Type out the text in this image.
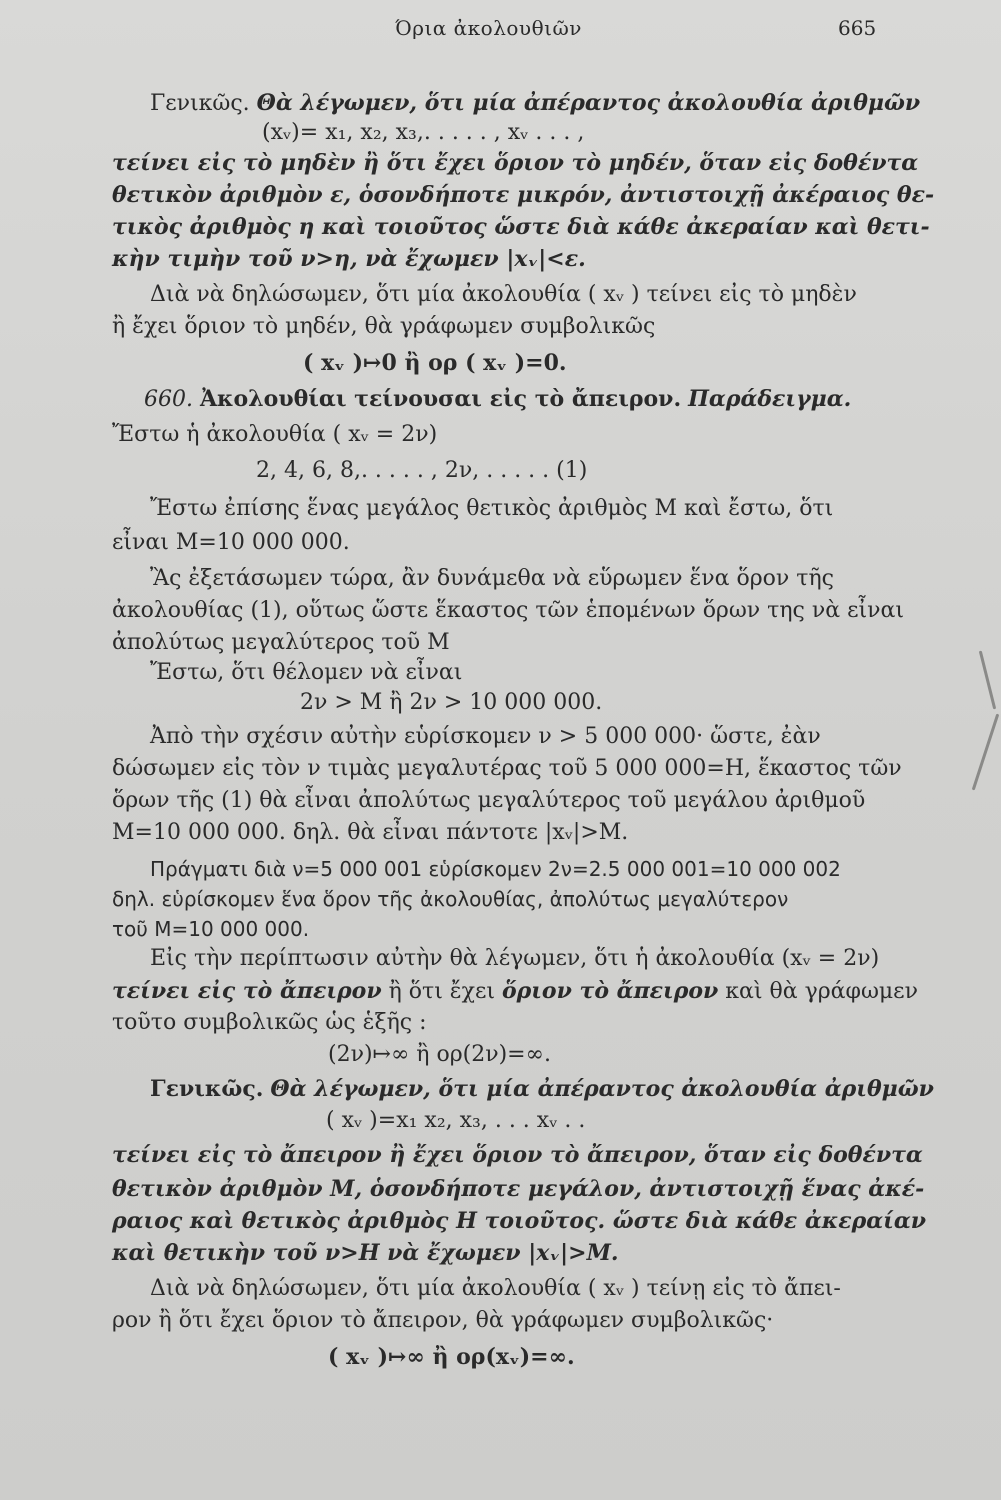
Όρια ἀκολουθιῶν	665
Γενικῶς. Θὰ λέγωμεν, ὅτι μία ἀπέραντος ἀκολουθία ἀριθμῶν
(xᵥ)= x₁, x₂, x₃,. . . . . , xᵥ . . . ,
τείνει εἰς τὸ μηδὲν ἢ ὅτι ἔχει ὅριον τὸ μηδέν, ὅταν εἰς δοθέντα
θετικὸν ἀριθμὸν ε, ὁσονδήποτε μικρόν, ἀντιστοιχῇ ἀκέραιος θε-
τικὸς ἀριθμὸς η καὶ τοιοῦτος ὥστε διὰ κάθε ἀκεραίαν καὶ θετι-
κὴν τιμὴν τοῦ ν>η, νὰ ἔχωμεν |xᵥ|<ε.
Διὰ νὰ δηλώσωμεν, ὅτι μία ἀκολουθία ( xᵥ ) τείνει εἰς τὸ μηδὲν
ἢ ἔχει ὅριον τὸ μηδέν, θὰ γράφωμεν συμβολικῶς
( xᵥ )↦0 ἢ ορ ( xᵥ )=0.
660. Ἀκολουθίαι τείνουσαι εἰς τὸ ἄπειρον. Παράδειγμα.
Ἔστω ἡ ἀκολουθία ( xᵥ = 2ν)
2, 4, 6, 8,. . . . . , 2ν, . . . . . (1)
Ἔστω ἐπίσης ἕνας μεγάλος θετικὸς ἀριθμὸς Μ καὶ ἔστω, ὅτι
εἶναι Μ=10 000 000.
Ἂς ἐξετάσωμεν τώρα, ἂν δυνάμεθα νὰ εὕρωμεν ἕνα ὅρον τῆς
ἀκολουθίας (1), οὕτως ὥστε ἕκαστος τῶν ἑπομένων ὅρων της νὰ εἶναι
ἀπολύτως μεγαλύτερος τοῦ Μ
Ἔστω, ὅτι θέλομεν νὰ εἶναι
2ν > Μ ἢ 2ν > 10 000 000.
Ἀπὸ τὴν σχέσιν αὐτὴν εὑρίσκομεν ν > 5 000 000· ὥστε, ἐὰν
δώσωμεν εἰς τὸν ν τιμὰς μεγαλυτέρας τοῦ 5 000 000=Η, ἕκαστος τῶν
ὅρων τῆς (1) θὰ εἶναι ἀπολύτως μεγαλύτερος τοῦ μεγάλου ἀριθμοῦ
Μ=10 000 000. δηλ. θὰ εἶναι πάντοτε |xᵥ|>Μ.
Πράγματι διὰ ν=5 000 001 εὑρίσκομεν 2ν=2.5 000 001=10 000 002
δηλ. εὑρίσκομεν ἕνα ὅρον τῆς ἀκολουθίας, ἀπολύτως μεγαλύτερον
τοῦ Μ=10 000 000.
Εἰς τὴν περίπτωσιν αὐτὴν θὰ λέγωμεν, ὅτι ἡ ἀκολουθία (xᵥ = 2ν)
τείνει εἰς τὸ ἄπειρον ἢ ὅτι ἔχει ὅριον τὸ ἄπειρον καὶ θὰ γράφωμεν
τοῦτο συμβολικῶς ὡς ἑξῆς :
(2ν)↦∞ ἢ ορ(2ν)=∞.
Γενικῶς. Θὰ λέγωμεν, ὅτι μία ἀπέραντος ἀκολουθία ἀριθμῶν
( xᵥ )=x₁ x₂, x₃, . . . xᵥ . .
τείνει εἰς τὸ ἄπειρον ἢ ἔχει ὅριον τὸ ἄπειρον, ὅταν εἰς δοθέντα
θετικὸν ἀριθμὸν Μ, ὁσονδήποτε μεγάλον, ἀντιστοιχῇ ἕνας ἀκέ-
ραιος καὶ θετικὸς ἀριθμὸς Η τοιοῦτος. ὥστε διὰ κάθε ἀκεραίαν
καὶ θετικὴν τοῦ ν>Η νὰ ἔχωμεν |xᵥ|>Μ.
Διὰ νὰ δηλώσωμεν, ὅτι μία ἀκολουθία ( xᵥ ) τείνῃ εἰς τὸ ἄπει-
ρον ἢ ὅτι ἔχει ὅριον τὸ ἄπειρον, θὰ γράφωμεν συμβολικῶς·
( xᵥ )↦∞ ἢ ορ(xᵥ)=∞.
